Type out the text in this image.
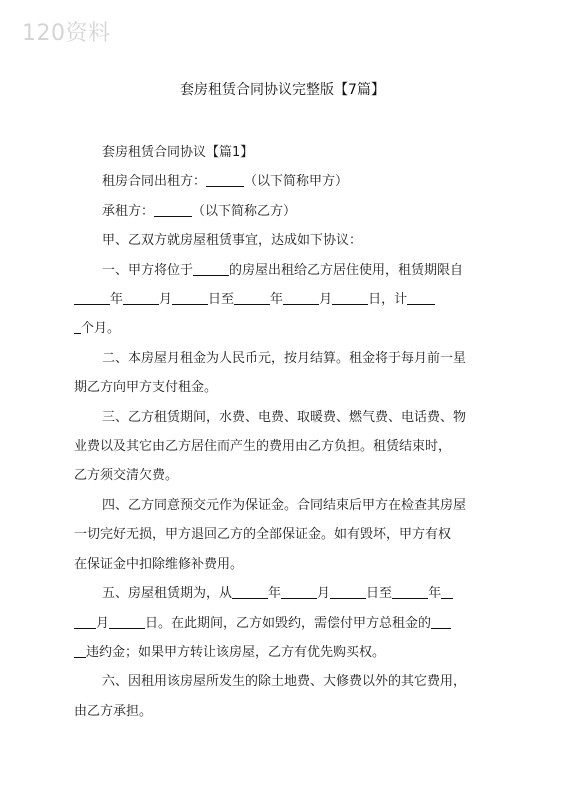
120资料
套房租赁合同协议完整版【7篇】
套房租赁合同协议【篇1】
租房合同出租方：	（以下简称甲方）
承租方：	（以下简称乙方）
甲、乙双方就房屋租赁事宜，达成如下协议：
一、甲方将位于	的房屋出租给乙方居住使用，租赁期限自
年	月	日至	年	月	日，计
个月。
二、本房屋月租金为人民币元，按月结算。租金将于每月前一星
期乙方向甲方支付租金。
三、乙方租赁期间，水费、电费、取暖费、燃气费、电话费、物
业费以及其它由乙方居住而产生的费用由乙方负担。租赁结束时，
乙方须交清欠费。
四、乙方同意预交元作为保证金。合同结束后甲方在检查其房屋
一切完好无损，甲方退回乙方的全部保证金。如有毁坏，甲方有权
在保证金中扣除维修补费用。
五、房屋租赁期为，从	年	月	日至	年
月	日。在此期间，乙方如毁约，需偿付甲方总租金的
违约金；如果甲方转让该房屋，乙方有优先购买权。
六、因租用该房屋所发生的除土地费、大修费以外的其它费用，
由乙方承担。
